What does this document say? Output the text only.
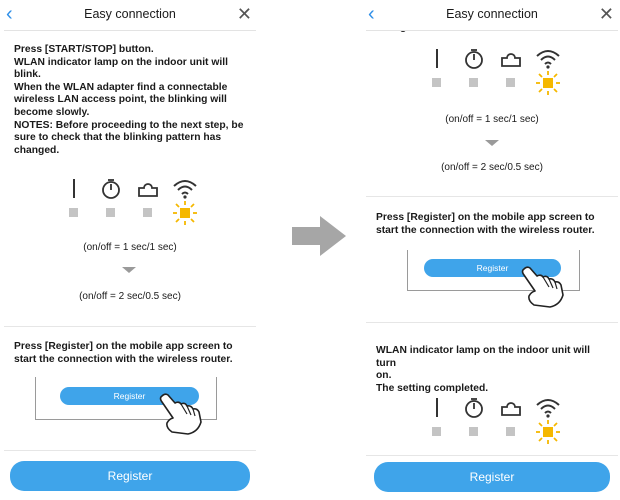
‹	Easy connection	✕
Press [START/STOP] button.
WLAN indicator lamp on the indoor unit will
blink.
When the WLAN adapter find a connectable
wireless LAN access point, the blinking will
become slowly.
NOTES: Before proceeding to the next step, be
sure to check that the blinking pattern has
changed.
(on/off = 1 sec/1 sec)
(on/off = 2 sec/0.5 sec)
Press [Register] on the mobile app screen to
start the connection with the wireless router.
Register
Register
‹	Easy connection	✕
(on/off = 1 sec/1 sec)
(on/off = 2 sec/0.5 sec)
Press [Register] on the mobile app screen to
start the connection with the wireless router.
Register
WLAN indicator lamp on the indoor unit will turn
on.
The setting completed.
Register
